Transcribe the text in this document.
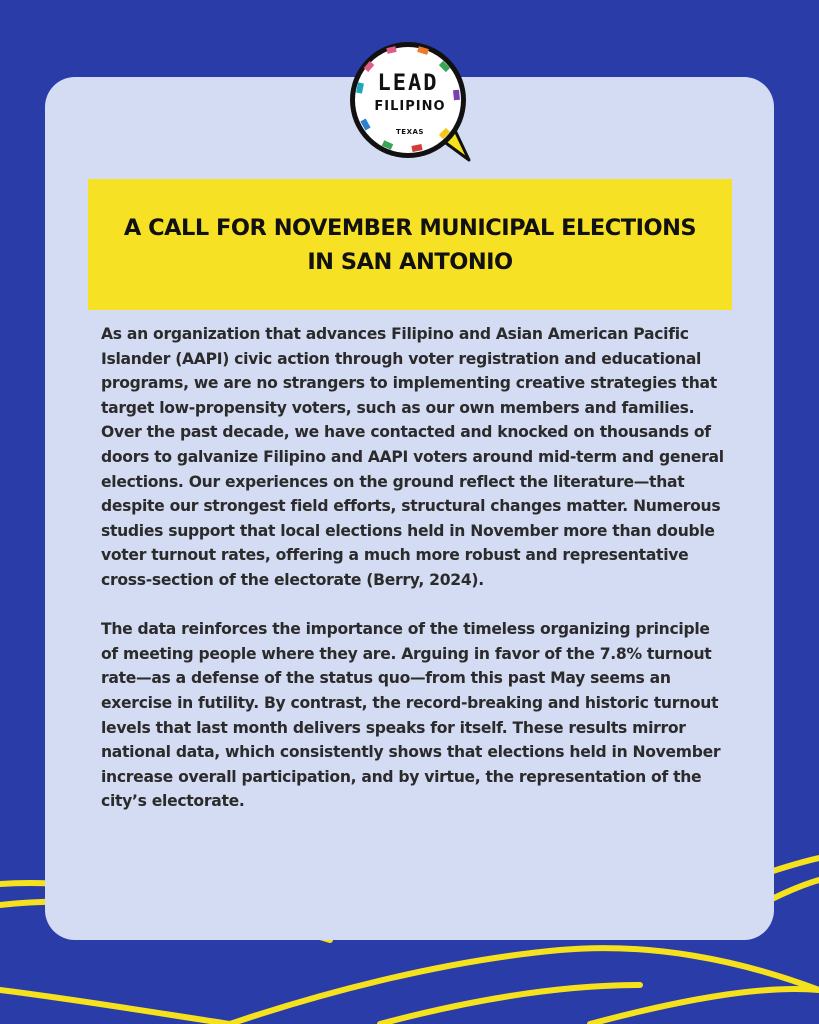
LEAD
FILIPINO
TEXAS
A CALL FOR NOVEMBER MUNICIPAL ELECTIONS IN SAN ANTONIO

As an organization that advances Filipino and Asian American Pacific Islander (AAPI) civic action through voter registration and educational programs, we are no strangers to implementing creative strategies that target low-propensity voters, such as our own members and families. Over the past decade, we have contacted and knocked on thousands of doors to galvanize Filipino and AAPI voters around mid-term and general elections. Our experiences on the ground reflect the literature—that despite our strongest field efforts, structural changes matter. Numerous studies support that local elections held in November more than double voter turnout rates, offering a much more robust and representative cross-section of the electorate (Berry, 2024).

The data reinforces the importance of the timeless organizing principle of meeting people where they are. Arguing in favor of the 7.8% turnout rate—as a defense of the status quo—from this past May seems an exercise in futility. By contrast, the record-breaking and historic turnout levels that last month delivers speaks for itself. These results mirror national data, which consistently shows that elections held in November increase overall participation, and by virtue, the representation of the city’s electorate.
